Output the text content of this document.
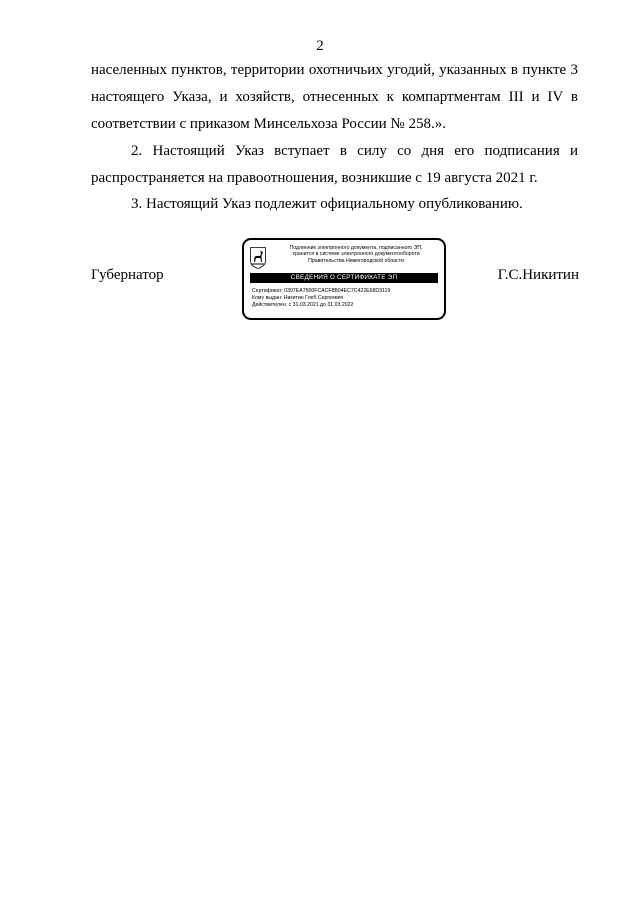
2
населенных пунктов, территории охотничьих угодий, указанных в пункте 3
настоящего Указа, и хозяйств, отнесенных к компартментам III и IV в
соответствии с приказом Минсельхоза России № 258.».
2. Настоящий Указ вступает в силу со дня его подписания и
распространяется на правоотношения, возникшие с 19 августа 2021 г.
3. Настоящий Указ подлежит официальному опубликованию.
Губернатор
Подлинник электронного документа, подписанного ЭП,
хранится в системе электронного документооборота
Правительства Нижегородской области
СВЕДЕНИЯ О СЕРТИФИКАТЕ ЭП
Сертификат: 0397EA7500FCACF8B04EC7C422E68D3119
Кому выдан: Никитин Глеб Сергеевич
Действителен: с 31.03.2021 до 31.03.2022
Г.С.Никитин
